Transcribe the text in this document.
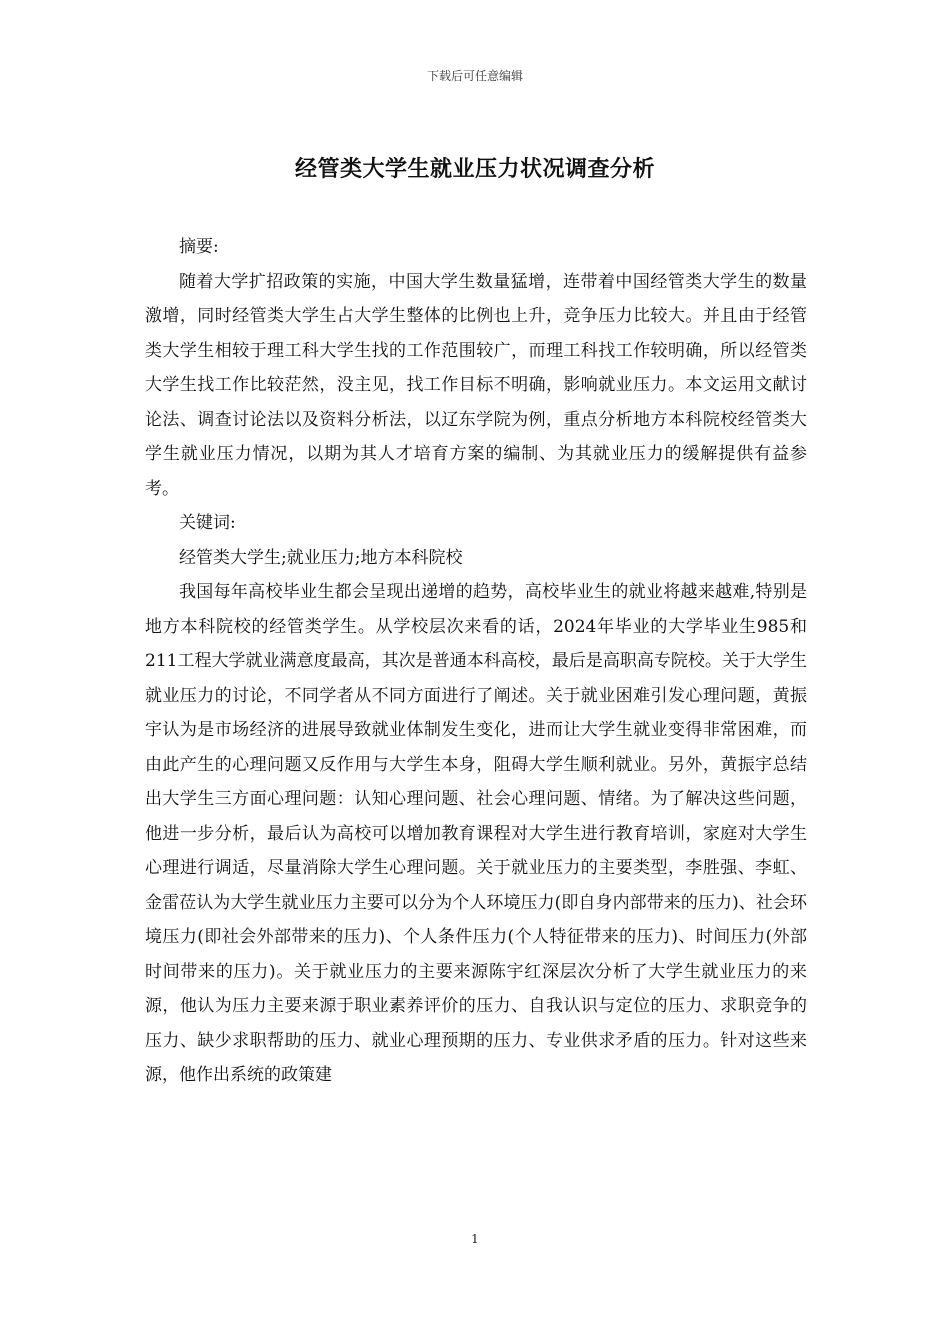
下载后可任意编辑
经管类大学生就业压力状况调查分析

摘要:

随着大学扩招政策的实施，中国大学生数量猛增，连带着中国经管类大学生的数量激增，同时经管类大学生占大学生整体的比例也上升，竞争压力比较大。并且由于经管类大学生相较于理工科大学生找的工作范围较广，而理工科找工作较明确，所以经管类大学生找工作比较茫然，没主见，找工作目标不明确，影响就业压力。本文运用文献讨论法、调查讨论法以及资料分析法，以辽东学院为例，重点分析地方本科院校经管类大学生就业压力情况，以期为其人才培育方案的编制、为其就业压力的缓解提供有益参考。

关键词:

经管类大学生;就业压力;地方本科院校

我国每年高校毕业生都会呈现出递增的趋势，高校毕业生的就业将越来越难,特别是地方本科院校的经管类学生。从学校层次来看的话，2024年毕业的大学毕业生985和211工程大学就业满意度最高，其次是普通本科高校，最后是高职高专院校。关于大学生就业压力的讨论，不同学者从不同方面进行了阐述。关于就业困难引发心理问题，黄振宇认为是市场经济的进展导致就业体制发生变化，进而让大学生就业变得非常困难，而由此产生的心理问题又反作用与大学生本身，阻碍大学生顺利就业。另外，黄振宇总结出大学生三方面心理问题：认知心理问题、社会心理问题、情绪。为了解决这些问题，他进一步分析，最后认为高校可以增加教育课程对大学生进行教育培训，家庭对大学生心理进行调适，尽量消除大学生心理问题。关于就业压力的主要类型，李胜强、李虹、金雷莅认为大学生就业压力主要可以分为个人环境压力(即自身内部带来的压力)、社会环境压力(即社会外部带来的压力)、个人条件压力(个人特征带来的压力)、时间压力(外部时间带来的压力)。关于就业压力的主要来源陈宇红深层次分析了大学生就业压力的来源，他认为压力主要来源于职业素养评价的压力、自我认识与定位的压力、求职竞争的压力、缺少求职帮助的压力、就业心理预期的压力、专业供求矛盾的压力。针对这些来源，他作出系统的政策建

1
